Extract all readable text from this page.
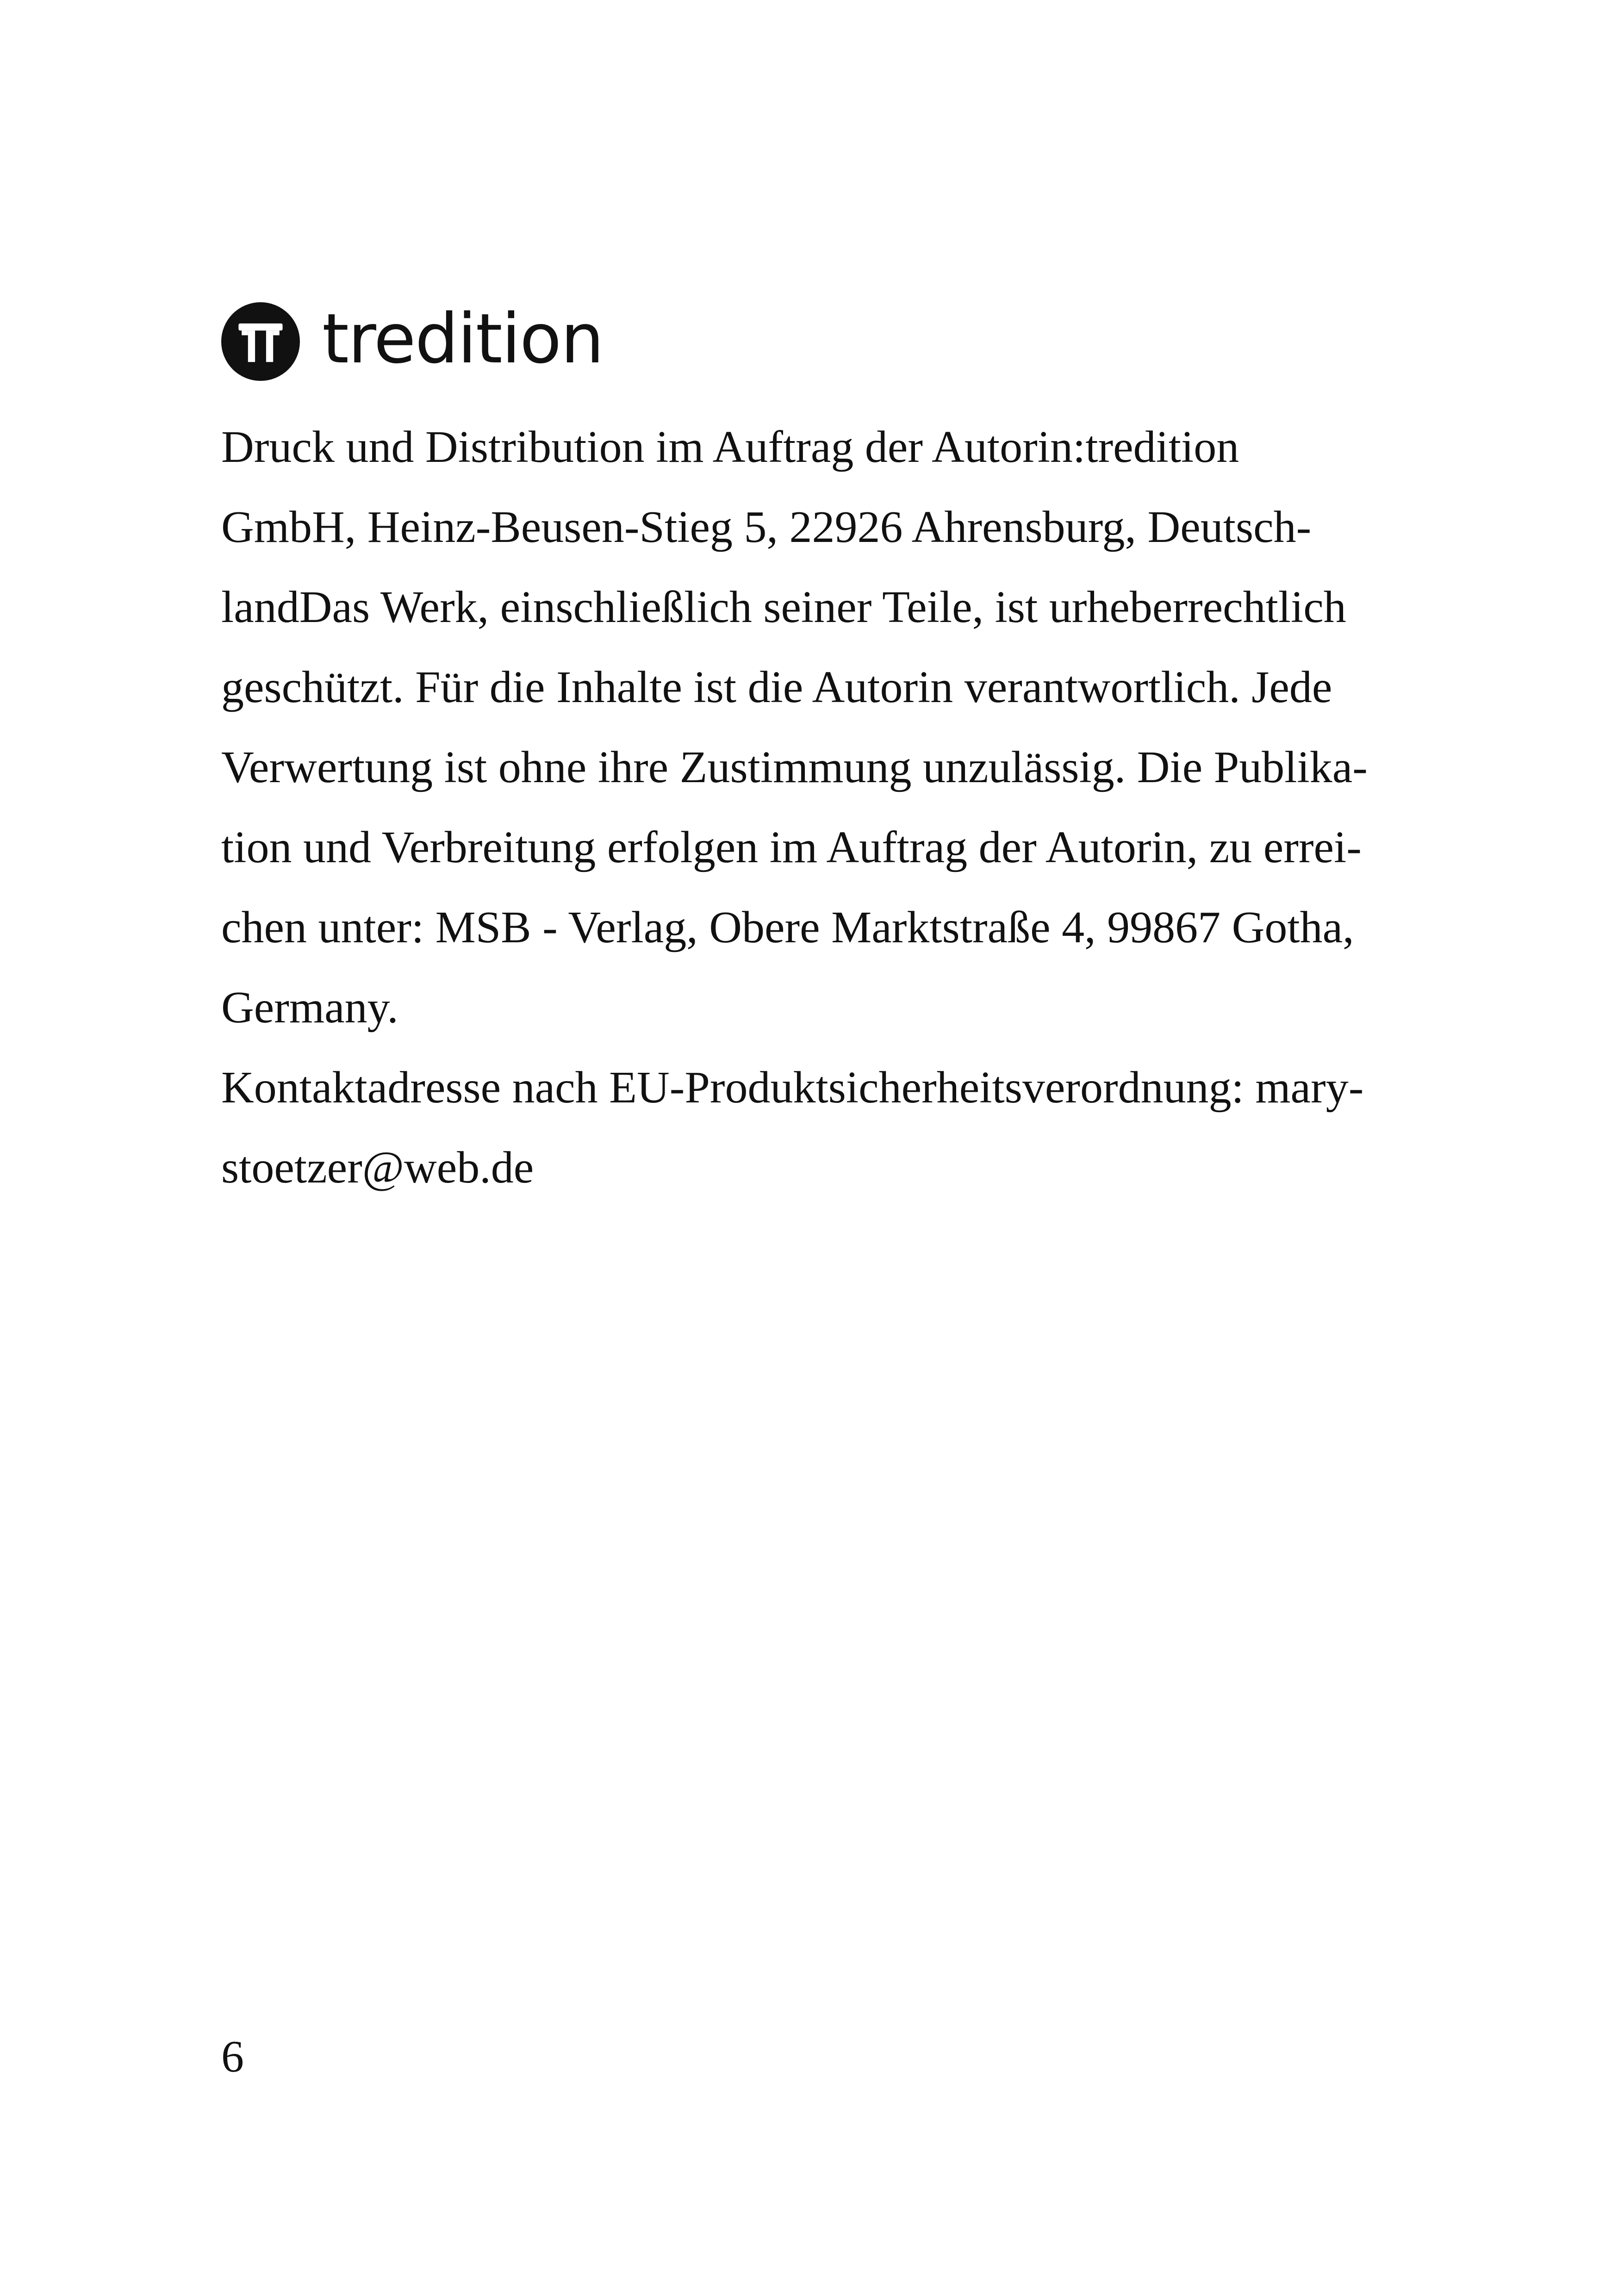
tredition

Druck und Distribution im Auftrag der Autorin:tredition
GmbH, Heinz-Beusen-Stieg 5, 22926 Ahrensburg, Deutsch-
landDas Werk, einschließlich seiner Teile, ist urheberrechtlich
geschützt. Für die Inhalte ist die Autorin verantwortlich. Jede
Verwertung ist ohne ihre Zustimmung unzulässig. Die Publika-
tion und Verbreitung erfolgen im Auftrag der Autorin, zu errei-
chen unter: MSB - Verlag, Obere Marktstraße 4, 99867 Gotha,
Germany.
Kontaktadresse nach EU-Produktsicherheitsverordnung: mary-
stoetzer@web.de

6
